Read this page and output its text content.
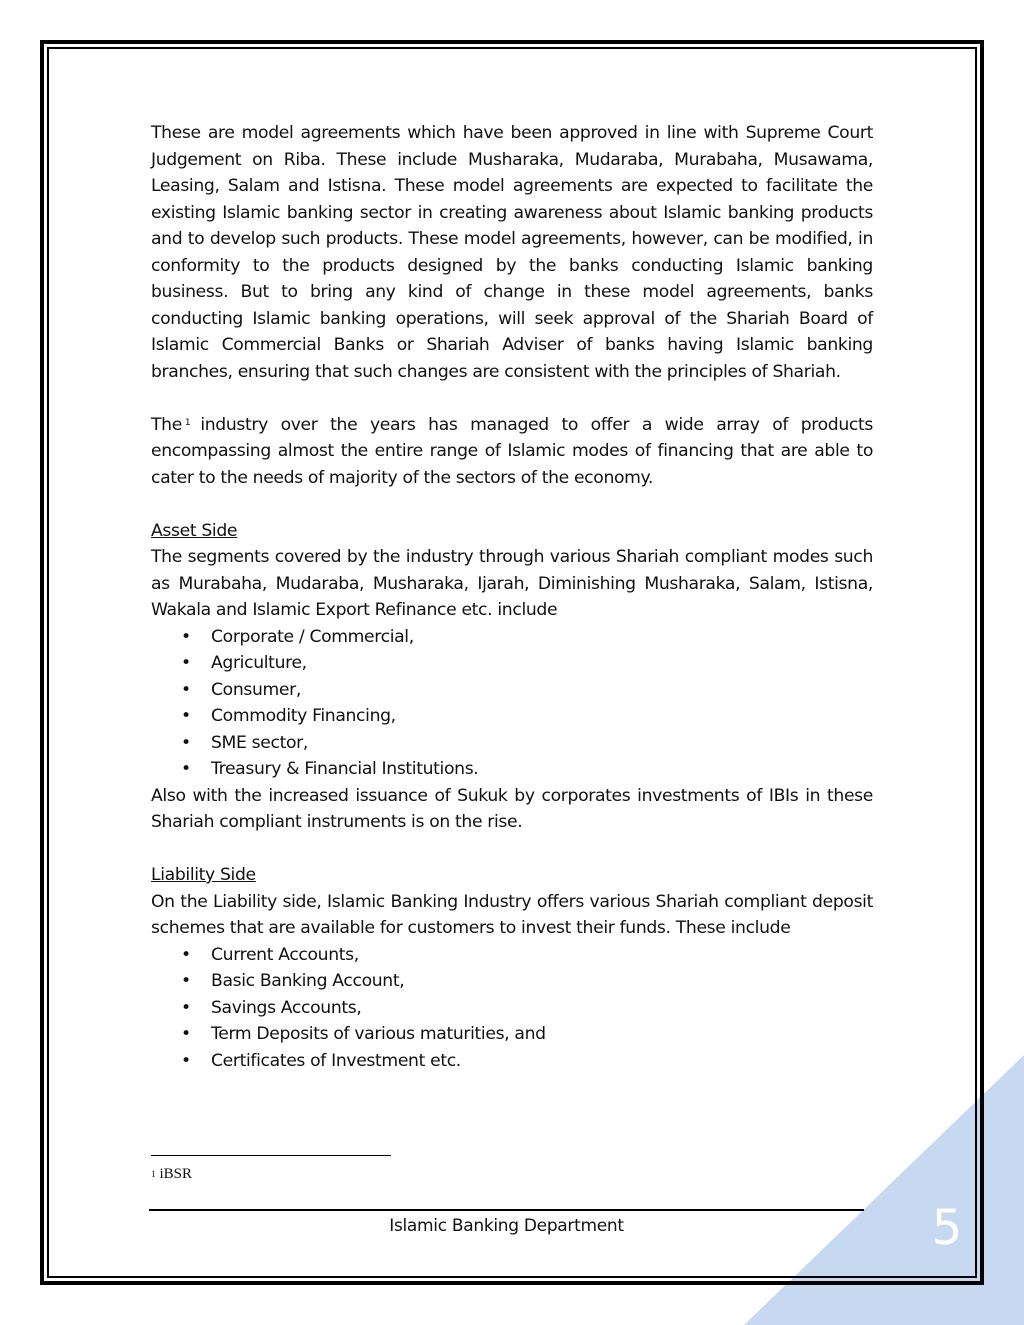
These are model agreements which have been approved in line with Supreme Court Judgement on Riba. These include Musharaka, Mudaraba, Murabaha, Musawama, Leasing, Salam and Istisna. These model agreements are expected to facilitate the existing Islamic banking sector in creating awareness about Islamic banking products and to develop such products. These model agreements, however, can be modified, in conformity to the products designed by the banks conducting Islamic banking business. But to bring any kind of change in these model agreements, banks conducting Islamic banking operations, will seek approval of the Shariah Board of Islamic Commercial Banks or Shariah Adviser of banks having Islamic banking branches, ensuring that such changes are consistent with the principles of Shariah.

The $^1$ industry over the years has managed to offer a wide array of products encompassing almost the entire range of Islamic modes of financing that are able to cater to the needs of majority of the sectors of the economy.

Asset Side

The segments covered by the industry through various Shariah compliant modes such as Murabaha, Mudaraba, Musharaka, Ijarah, Diminishing Musharaka, Salam, Istisna, Wakala and Islamic Export Refinance etc. include

• Corporate / Commercial,
• Agriculture,
• Consumer,
• Commodity Financing,
• SME sector,
• Treasury & Financial Institutions.

Also with the increased issuance of Sukuk by corporates investments of IBIs in these Shariah compliant instruments is on the rise.

Liability Side

On the Liability side, Islamic Banking Industry offers various Shariah compliant deposit schemes that are available for customers to invest their funds. These include

• Current Accounts,
• Basic Banking Account,
• Savings Accounts,
• Term Deposits of various maturities, and
• Certificates of Investment etc.
$^1$ iBSR
Islamic Banking Department	5
